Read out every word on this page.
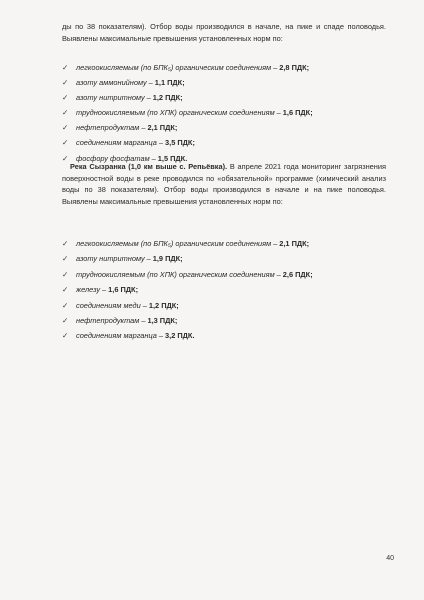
ды по 38 показателям). Отбор воды производился в начале, на пике и спаде половодья. Выявлены максимальные превышения установленных норм по:

✓	легкоокисляемым (по БПК₅) органическим соединениям – 2,8 ПДК;
✓	азоту аммонийному – 1,1 ПДК;
✓	азоту нитритному – 1,2 ПДК;
✓	трудноокисляемым (по ХПК) органическим соединениям – 1,6 ПДК;
✓	нефтепродуктам – 2,1 ПДК;
✓	соединениям марганца – 3,5 ПДК;
✓	фосфору фосфатам – 1,5 ПДК.

Река Сызранка (1,0 км выше с. Репьёвка). В апреле 2021 года мониторинг загрязнения поверхностной воды в реке проводился по «обязательной» программе (химический анализ воды по 38 показателям). Отбор воды производился в начале и на пике половодья. Выявлены максимальные превышения установленных норм по:

✓	легкоокисляемым (по БПК₅) органическим соединениям – 2,1 ПДК;
✓	азоту нитритному – 1,9 ПДК;
✓	трудноокисляемым (по ХПК) органическим соединениям – 2,6 ПДК;
✓	железу – 1,6 ПДК;
✓	соединениям меди – 1,2 ПДК;
✓	нефтепродуктам – 1,3 ПДК;
✓	соединениям марганца – 3,2 ПДК.
40
